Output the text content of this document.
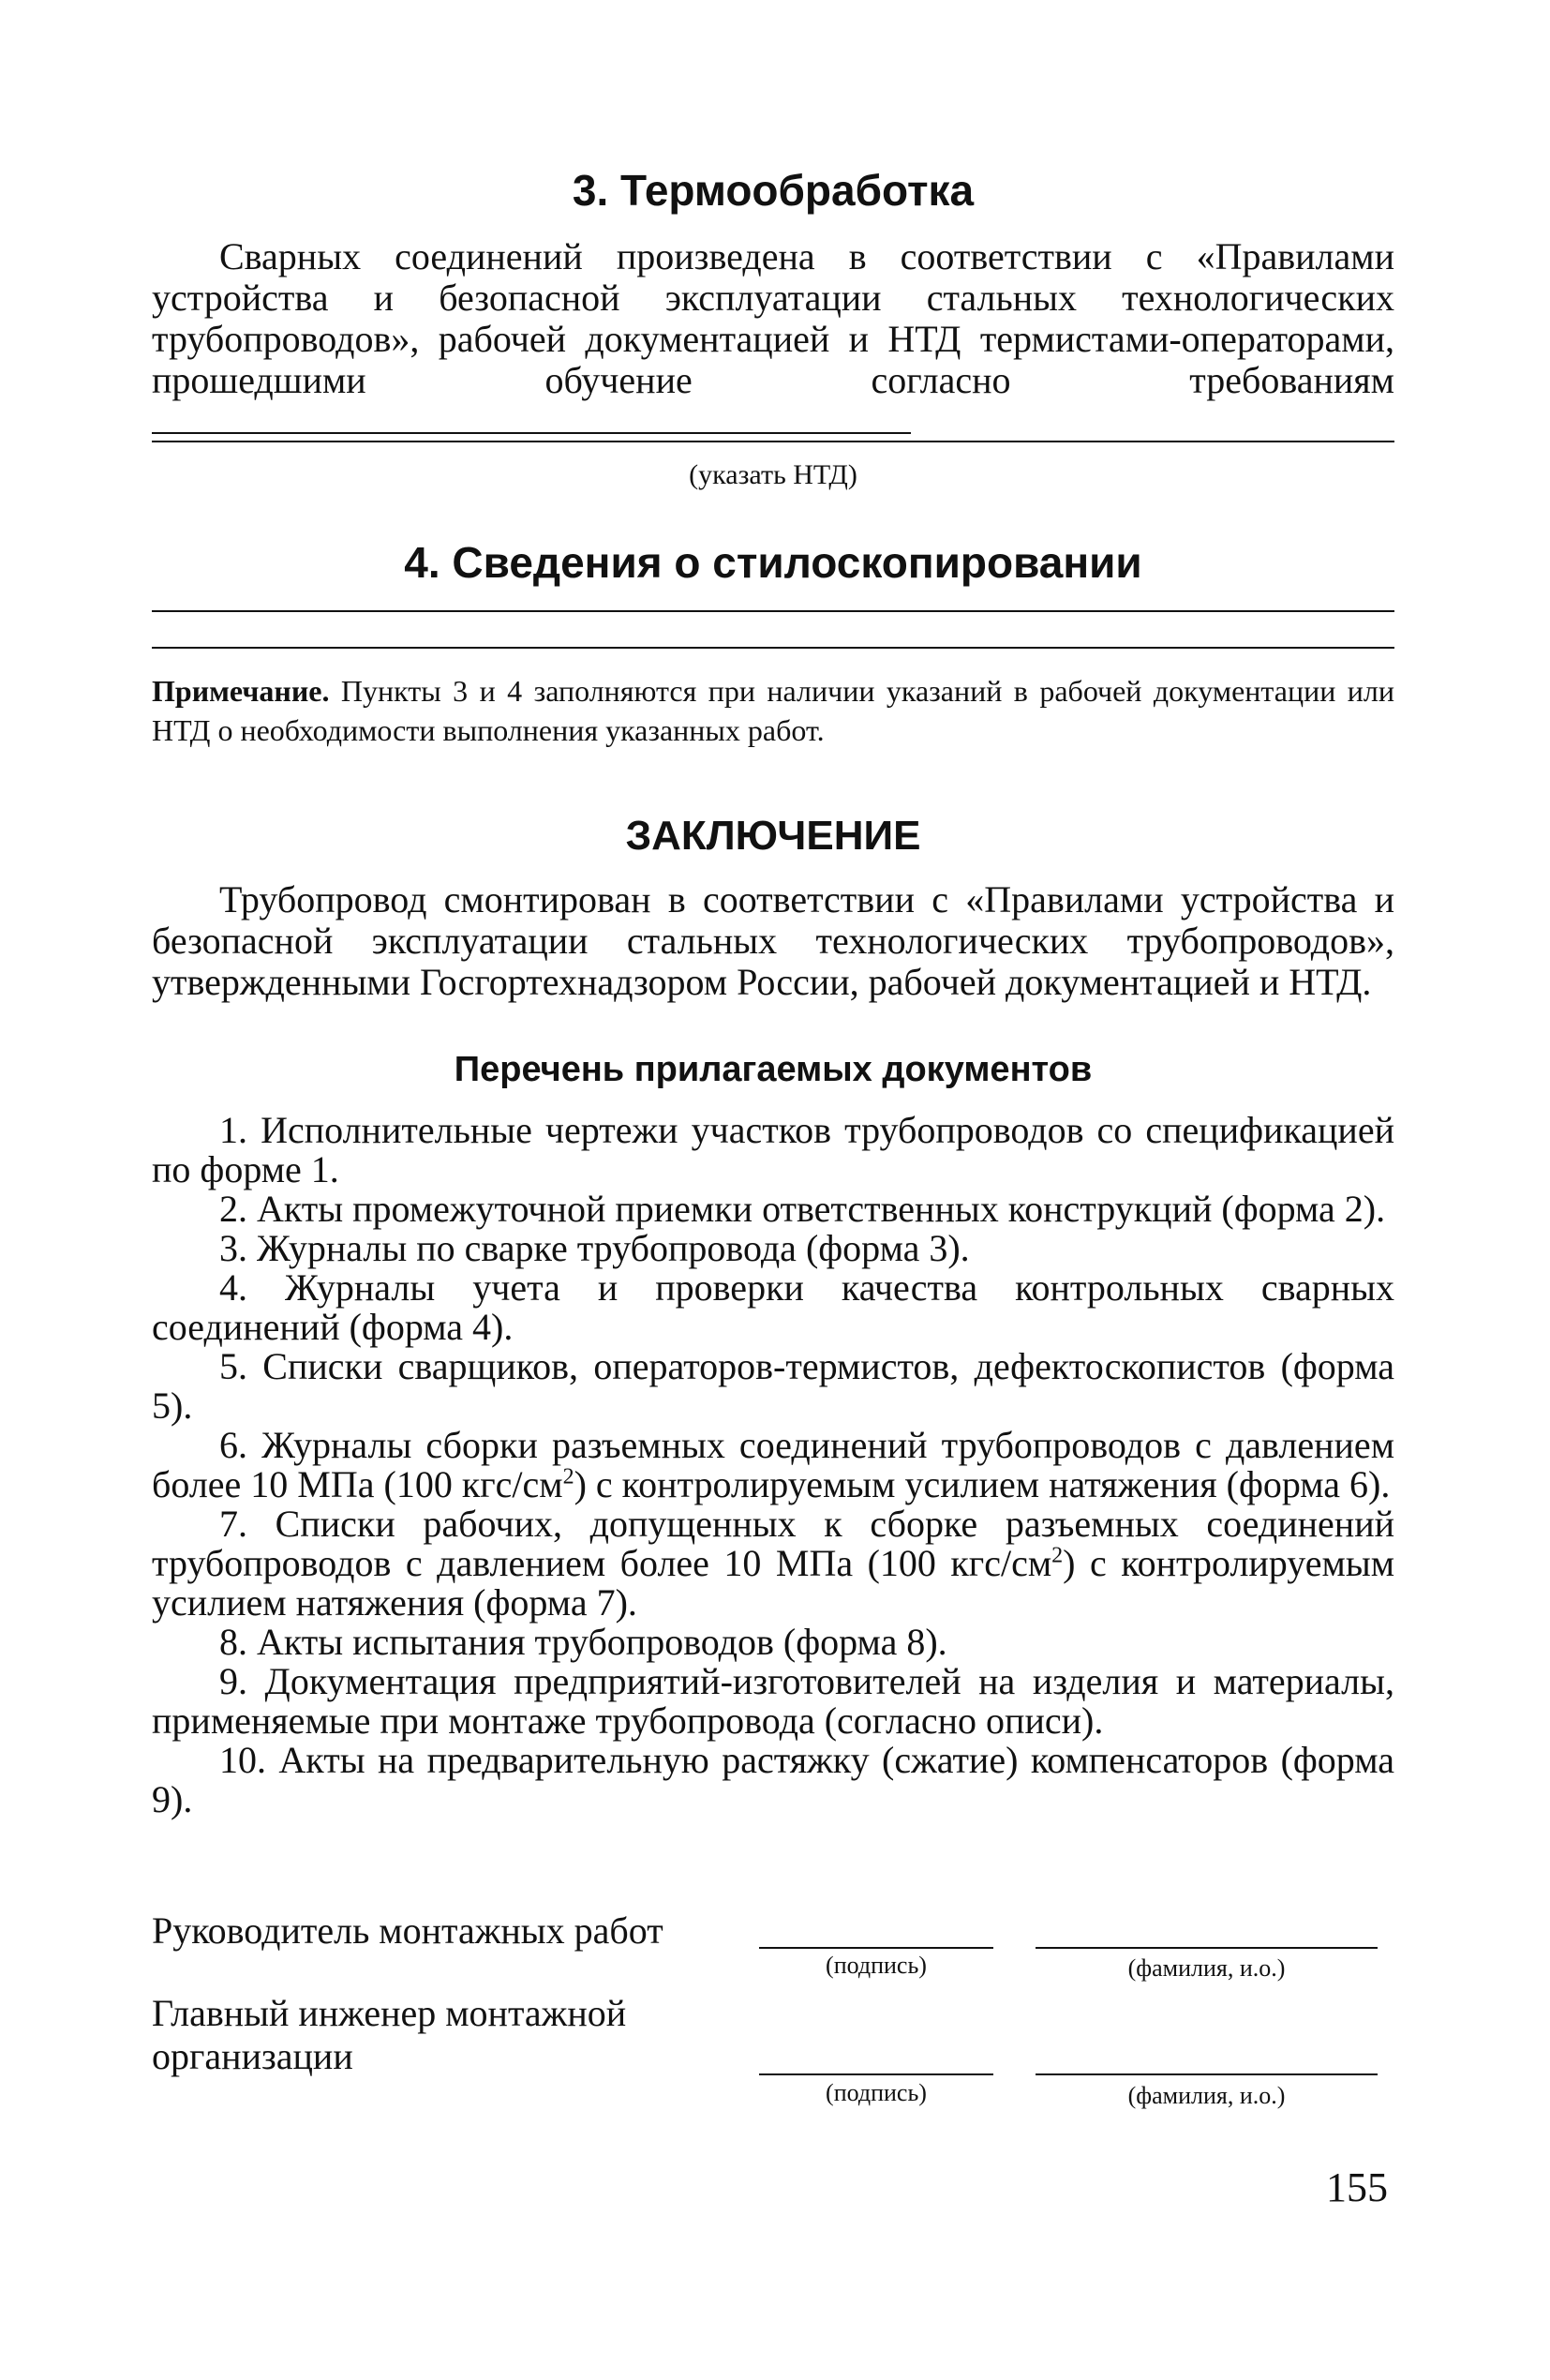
3. Термообработка

Сварных соединений произведена в соответствии с «Правилами устройства и безопасной эксплуатации стальных технологических трубопроводов», рабочей документацией и НТД термистами-операторами, прошедшими обучение согласно требованиям

(указать НТД)
4. Сведения о стилоскопировании

Примечание. Пункты 3 и 4 заполняются при наличии указаний в рабочей документации или НТД о необходимости выполнения указанных работ.

ЗАКЛЮЧЕНИЕ

Трубопровод смонтирован в соответствии с «Правилами устройства и безопасной эксплуатации стальных технологических трубопроводов», утвержденными Госгортехнадзором России, рабочей документацией и НТД.

Перечень прилагаемых документов

1. Исполнительные чертежи участков трубопроводов со спецификацией по форме 1.

2. Акты промежуточной приемки ответственных конструкций (форма 2).

3. Журналы по сварке трубопровода (форма 3).

4. Журналы учета и проверки качества контрольных сварных соединений (форма 4).

5. Списки сварщиков, операторов-термистов, дефектоскопистов (форма 5).

6. Журналы сборки разъемных соединений трубопроводов с давлением более 10 МПа (100 кгс/$см^2$) с контролируемым усилием натяжения (форма 6).

7. Списки рабочих, допущенных к сборке разъемных соединений трубопроводов с давлением более 10 МПа (100 кгс/$см^2$) с контролируемым усилием натяжения (форма 7).

8. Акты испытания трубопроводов (форма 8).

9. Документация предприятий-изготовителей на изделия и материалы, применяемые при монтаже трубопровода (согласно описи).

10. Акты на предварительную растяжку (сжатие) компенсаторов (форма 9).

Руководитель монтажных работ
(подпись)	(фамилия, и.о.)
Главный инженер монтажной
организации
(подпись)	(фамилия, и.о.)
155
